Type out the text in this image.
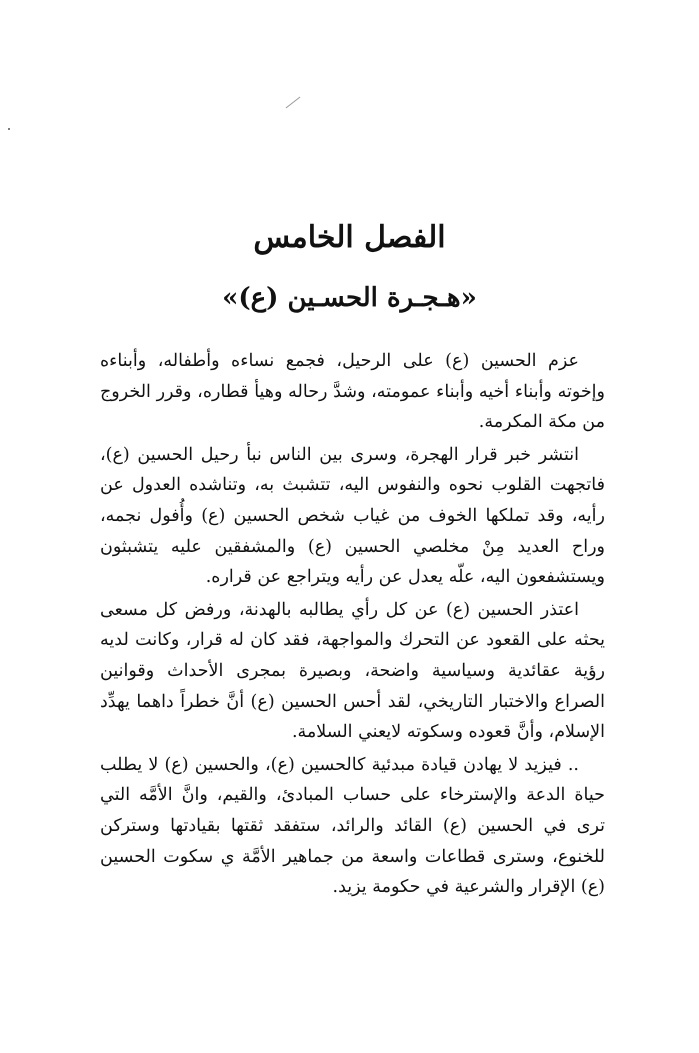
الفصل الخامس
«هـجـرة الحسـين (ع)»

عزم الحسين (ع) على الرحيل، فجمع نساءه وأطفاله، وأبناءه وإخوته وأبناء أخيه وأبناء عمومته، وشدَّ رحاله وهيأ قطاره، وقرر الخروج من مكة المكرمة.

انتشر خبر قرار الهجرة، وسرى بين الناس نبأ رحيل الحسين (ع)، فاتجهت القلوب نحوه والنفوس اليه، تتشبث به، وتناشده العدول عن رأيه، وقد تملكها الخوف من غياب شخص الحسين (ع) وأُفول نجمه، وراح العديد مِنْ مخلصي الحسين (ع) والمشفقين عليه يتشبثون ويستشفعون اليه، علّه يعدل عن رأيه ويتراجع عن قراره.

اعتذر الحسين (ع) عن كل رأي يطالبه بالهدنة، ورفض كل مسعى يحثه على القعود عن التحرك والمواجهة، فقد كان له قرار، وكانت لديه رؤية عقائدية وسياسية واضحة، وبصيرة بمجرى الأحداث وقوانين الصراع والاختبار التاريخي، لقد أحس الحسين (ع) أنَّ خطراً داهما يهدِّد الإسلام، وأنَّ قعوده وسكوته لايعني السلامة.

.. فيزيد لا يهادن قيادة مبدئية كالحسين (ع)، والحسين (ع) لا يطلب حياة الدعة والإسترخاء على حساب المبادئ، والقيم، وانَّ الأمَّه التي ترى في الحسين (ع) القائد والرائد، ستفقد ثقتها بقيادتها وستركن للخنوع، وسترى قطاعات واسعة من جماهير الأمَّة ي سكوت الحسين (ع) الإقرار والشرعية في حكومة يزيد.
